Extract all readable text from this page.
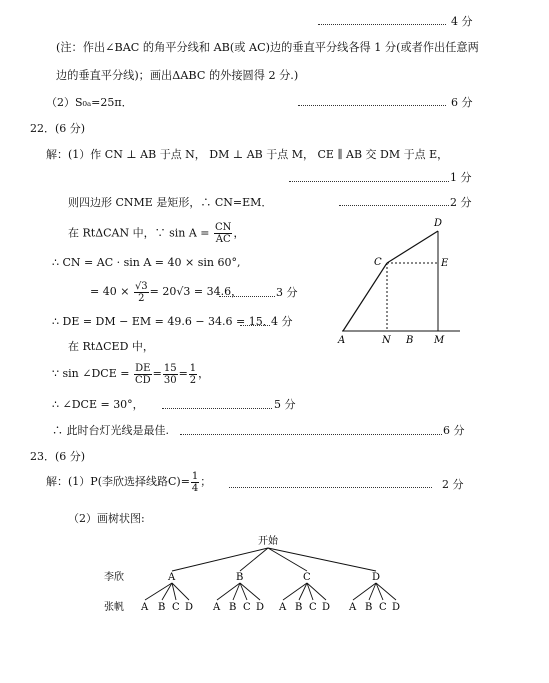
4 分
(注：作出∠BAC 的角平分线和 AB(或 AC)边的垂直平分线各得 1 分(或者作出任意两
边的垂直平分线)；画出ΔABC 的外接圆得 2 分.)
（2）S₀ₐ=25π．	6 分
22．(6 分)
解：(1）作 CN ⊥ AB 于点 N， DM ⊥ AB 于点 M， CE ∥ AB 交 DM 于点 E，
1 分
则四边形 CNME 是矩形，∴ CN=EM．	2 分
在 RtΔCAN 中，∵ $\sin A = \frac{CN}{AC}$ ，
∴ CN = AC · sin A = 40 × sin 60°,
= $40 \times \frac{√3}{2} = 20√3 = 34.6$，	3 分
∴ DE = DM − EM = 49.6 − 34.6 = 15．
4 分
在 RtΔCED 中，
∵ sin ∠DCE = $\frac{DE}{CD} = \frac{15}{30} = \frac{1}{2}$ ，
∴ ∠DCE = 30°，	5 分
∴ 此时台灯光线是最佳.	6 分
A	N B M
C
D
E
23．(6 分)
解：(1）P(李欣选择线路$C)= \frac{1}{4}$ ；	2 分
（2）画树状图:
开始
李欣
张帆
A	B	C	D
A B C D A B C D A B C D A B C D
